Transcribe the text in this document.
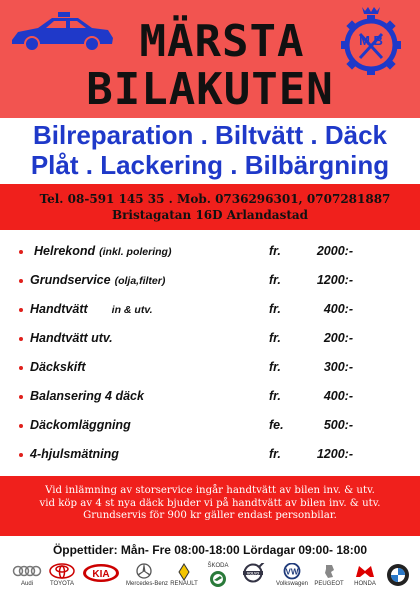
MÄRSTA
BILAKUTEN
M B
Bilreparation . Biltvätt . Däck
Plåt . Lackering . Bilbärgning
Tel. 08-591 145 35 . Mob. 0736296301, 0707281887
Bristagatan 16D Arlandastad
Helrekond (inkl. polering)	fr.	2000:-
Grundservice (olja,filter)	fr.	1200:-
Handtvätt in & utv.	fr.	400:-
Handtvätt utv.	fr.	200:-
Däckskift	fr.	300:-
Balansering 4 däck	fr.	400:-
Däckomläggning	fe.	500:-
4-hjulsmätning	fr.	1200:-
Vid inlämning av storservice ingår handtvätt av bilen inv. & utv.
vid köp av 4 st nya däck bjuder vi på handtvätt av bilen inv. & utv.
Grundservis för 900 kr gäller endast personbilar.
Öppettider: Mån- Fre 08:00-18:00 Lördagar 09:00- 18:00
Audi	TOYOTA
KIA
Mercedes-Benz RENAULT
ŠKODA
VOLVO	VW
Volkswagen PEUGEOT	HONDA
